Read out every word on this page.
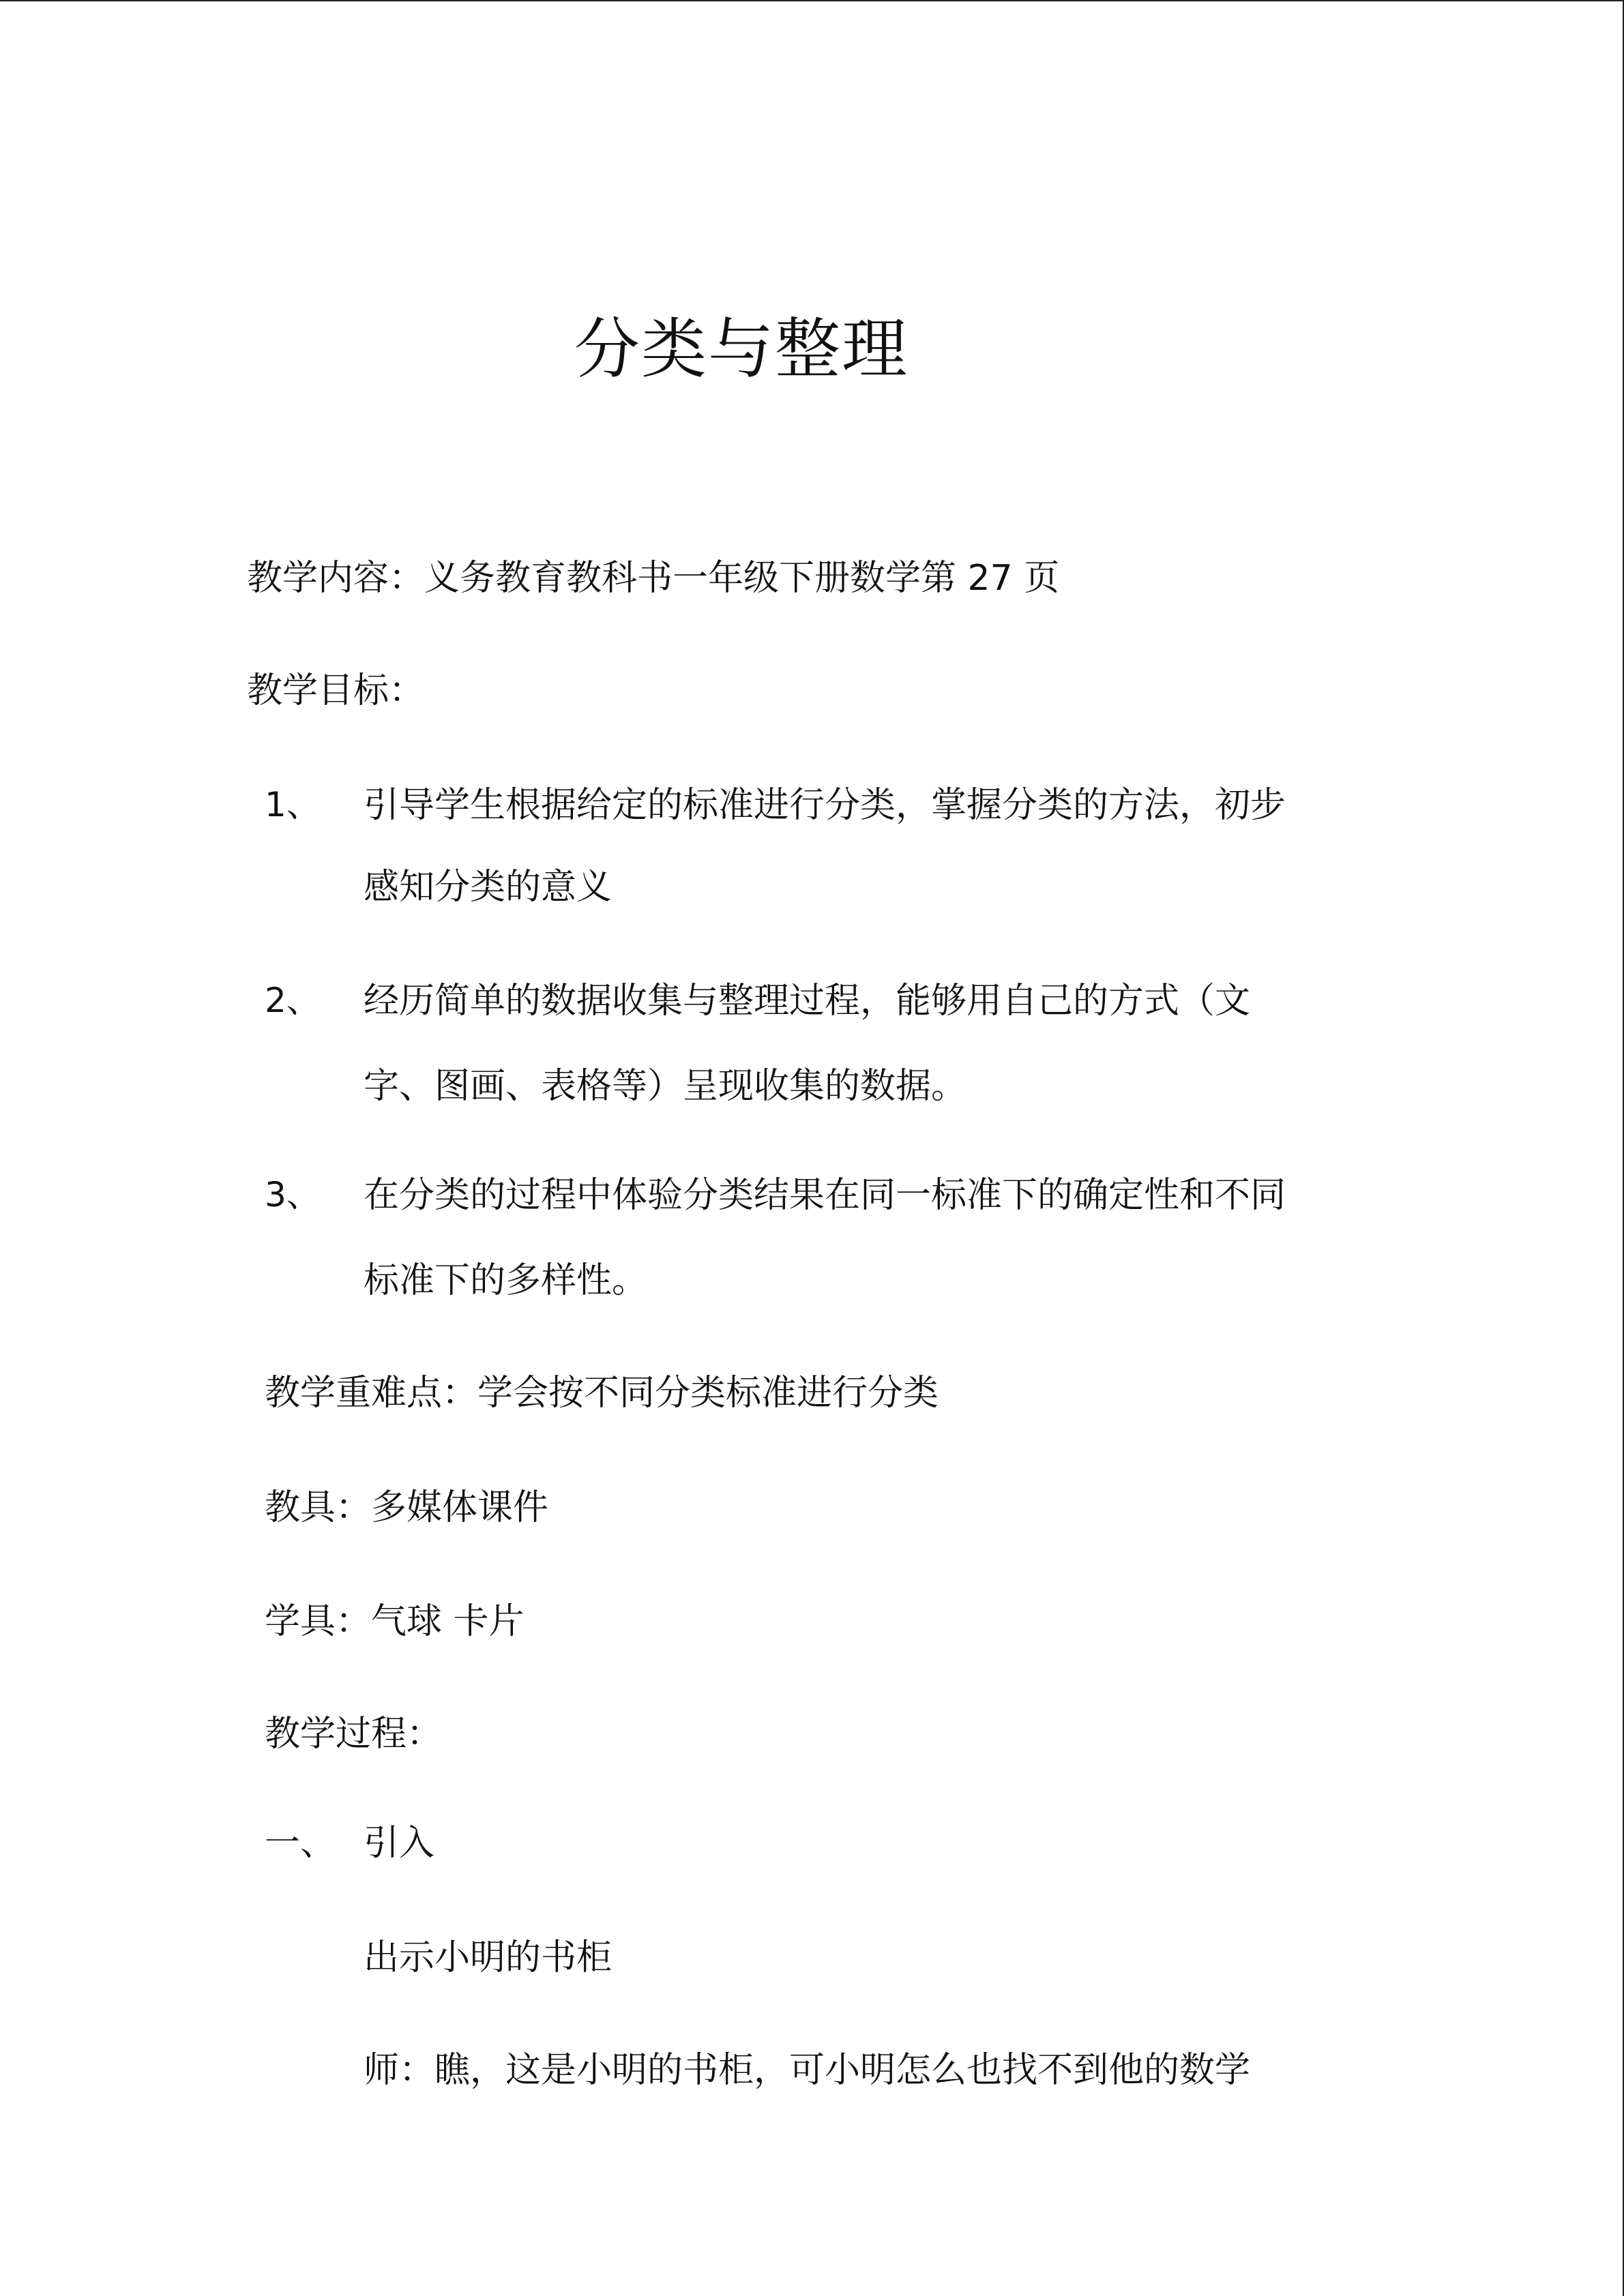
分类与整理
教学内容：义务教育教科书一年级下册数学第 27 页
教学目标：
1、 引导学生根据给定的标准进行分类，掌握分类的方法，初步
感知分类的意义
2、 经历简单的数据收集与整理过程，能够用自己的方式（文
字、图画、表格等）呈现收集的数据。
3、 在分类的过程中体验分类结果在同一标准下的确定性和不同
标准下的多样性。
教学重难点：学会按不同分类标准进行分类
教具：多媒体课件
学具：气球 卡片
教学过程：
一、 引入
出示小明的书柜
师：瞧，这是小明的书柜，可小明怎么也找不到他的数学
